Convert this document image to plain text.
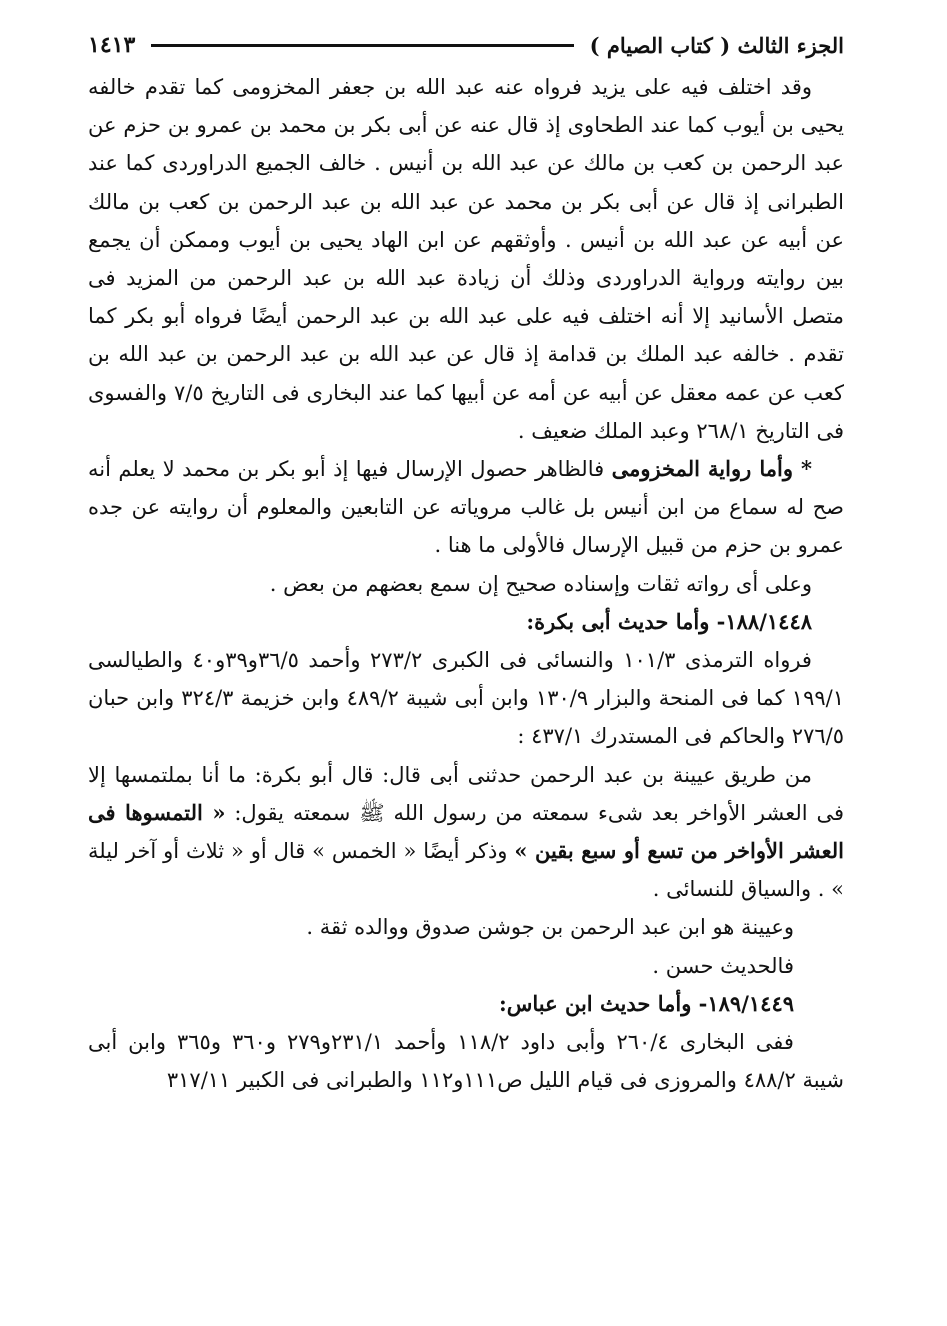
الجزء الثالث ( كتاب الصيام )
١٤١٣

وقد اختلف فيه على يزيد فرواه عنه عبد الله بن جعفر المخزومى كما تقدم خالفه يحيى بن أيوب كما عند الطحاوى إذ قال عنه عن أبى بكر بن محمد بن عمرو بن حزم عن عبد الرحمن بن كعب بن مالك عن عبد الله بن أنيس . خالف الجميع الدراوردى كما عند الطبرانى إذ قال عن أبى بكر بن محمد عن عبد الله بن عبد الرحمن بن كعب بن مالك عن أبيه عن عبد الله بن أنيس . وأوثقهم عن ابن الهاد يحيى بن أيوب وممكن أن يجمع بين روايته ورواية الدراوردى وذلك أن زيادة عبد الله بن عبد الرحمن من المزيد فى متصل الأسانيد إلا أنه اختلف فيه على عبد الله بن عبد الرحمن أيضًا فرواه أبو بكر كما تقدم . خالفه عبد الملك بن قدامة إذ قال عن عبد الله بن عبد الرحمن بن عبد الله بن كعب عن عمه معقل عن أبيه عن أمه عن أبيها كما عند البخارى فى التاريخ ٧/٥ والفسوى فى التاريخ ٢٦٨/١ وعبد الملك ضعيف .

* وأما رواية المخزومى فالظاهر حصول الإرسال فيها إذ أبو بكر بن محمد لا يعلم أنه صح له سماع من ابن أنيس بل غالب مروياته عن التابعين والمعلوم أن روايته عن جده عمرو بن حزم من قبيل الإرسال فالأولى ما هنا .

وعلى أى رواته ثقات وإسناده صحيح إن سمع بعضهم من بعض .

١٨٨/١٤٤٨- وأما حديث أبى بكرة:

فرواه الترمذى ١٠١/٣ والنسائى فى الكبرى ٢٧٣/٢ وأحمد ٣٦/٥و٣٩و٤٠ والطيالسى ١٩٩/١ كما فى المنحة والبزار ١٣٠/٩ وابن أبى شيبة ٤٨٩/٢ وابن خزيمة ٣٢٤/٣ وابن حبان ٢٧٦/٥ والحاكم فى المستدرك ٤٣٧/١ :

من طريق عيينة بن عبد الرحمن حدثنى أبى قال: قال أبو بكرة: ما أنا بملتمسها إلا فى العشر الأواخر بعد شىء سمعته من رسول الله ﷺ سمعته يقول: « التمسوها فى العشر الأواخر من تسع أو سبع بقين » وذكر أيضًا « الخمس » قال أو « ثلاث أو آخر ليلة » . والسياق للنسائى .

وعيينة هو ابن عبد الرحمن بن جوشن صدوق ووالده ثقة .

فالحديث حسن .

١٨٩/١٤٤٩- وأما حديث ابن عباس:

ففى البخارى ٢٦٠/٤ وأبى داود ١١٨/٢ وأحمد ٢٣١/١و٢٧٩ و٣٦٠ و٣٦٥ وابن أبى شيبة ٤٨٨/٢ والمروزى فى قيام الليل ص١١١و١١٢ والطبرانى فى الكبير ٣١٧/١١
